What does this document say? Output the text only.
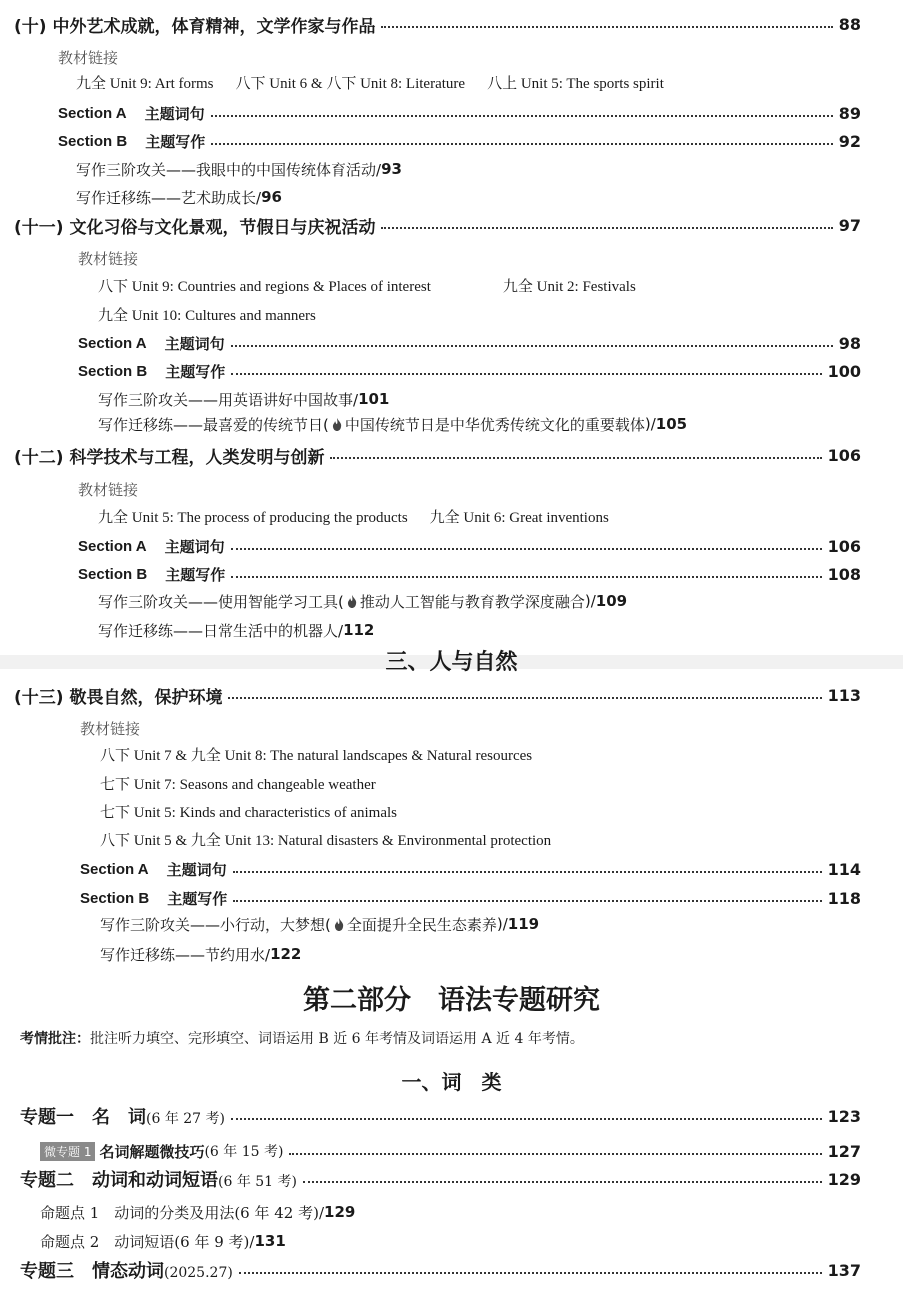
(十) 中外艺术成就，体育精神，文学作家与作品	88
教材链接
九全 Unit 9: Art forms 八下 Unit 6 & 八下 Unit 8: Literature 八上 Unit 5: The sports spirit
Section A 主题词句	89
Section B 主题写作	92
写作三阶攻关——我眼中的中国传统体育活动/ 93
写作迁移练——艺术助成长/ 96
(十一) 文化习俗与文化景观，节假日与庆祝活动	97
教材链接
八下 Unit 9: Countries and regions & Places of interest	九全 Unit 2: Festivals
九全 Unit 10: Cultures and manners
Section A 主题词句	98
Section B 主题写作	100
写作三阶攻关——用英语讲好中国故事/ 101
写作迁移练——最喜爱的传统节日( 中国传统节日是中华优秀传统文化的重要载体 )/ 105
(十二) 科学技术与工程，人类发明与创新	106
教材链接
九全 Unit 5: The process of producing the products 九全 Unit 6: Great inventions
Section A 主题词句	106
Section B 主题写作	108
写作三阶攻关——使用智能学习工具( 推动人工智能与教育教学深度融合 )/ 109
写作迁移练——日常生活中的机器人/ 112
三、人与自然
(十三) 敬畏自然，保护环境	113
教材链接
八下 Unit 7 & 九全 Unit 8: The natural landscapes & Natural resources
七下 Unit 7: Seasons and changeable weather
七下 Unit 5: Kinds and characteristics of animals
八下 Unit 5 & 九全 Unit 13: Natural disasters & Environmental protection
Section A 主题词句	114
Section B 主题写作	118
写作三阶攻关——小行动，大梦想( 全面提升全民生态素养 )/ 119
写作迁移练——节约用水/ 122
第二部分　语法专题研究
考情批注：批注听力填空、完形填空、词语运用 B 近 6 年考情及词语运用 A 近 4 年考情。
一、词　类
专题一　名　词(6 年 27 考)	123
微专题 1 名词解题微技巧 (6 年 15 考)	127
专题二　动词和动词短语(6 年 51 考)	129
命题点 1　动词的分类及用法(6 年 42 考)/ 129
命题点 2　动词短语(6 年 9 考)/ 131
专题三　情态动词(2025.27)	137
